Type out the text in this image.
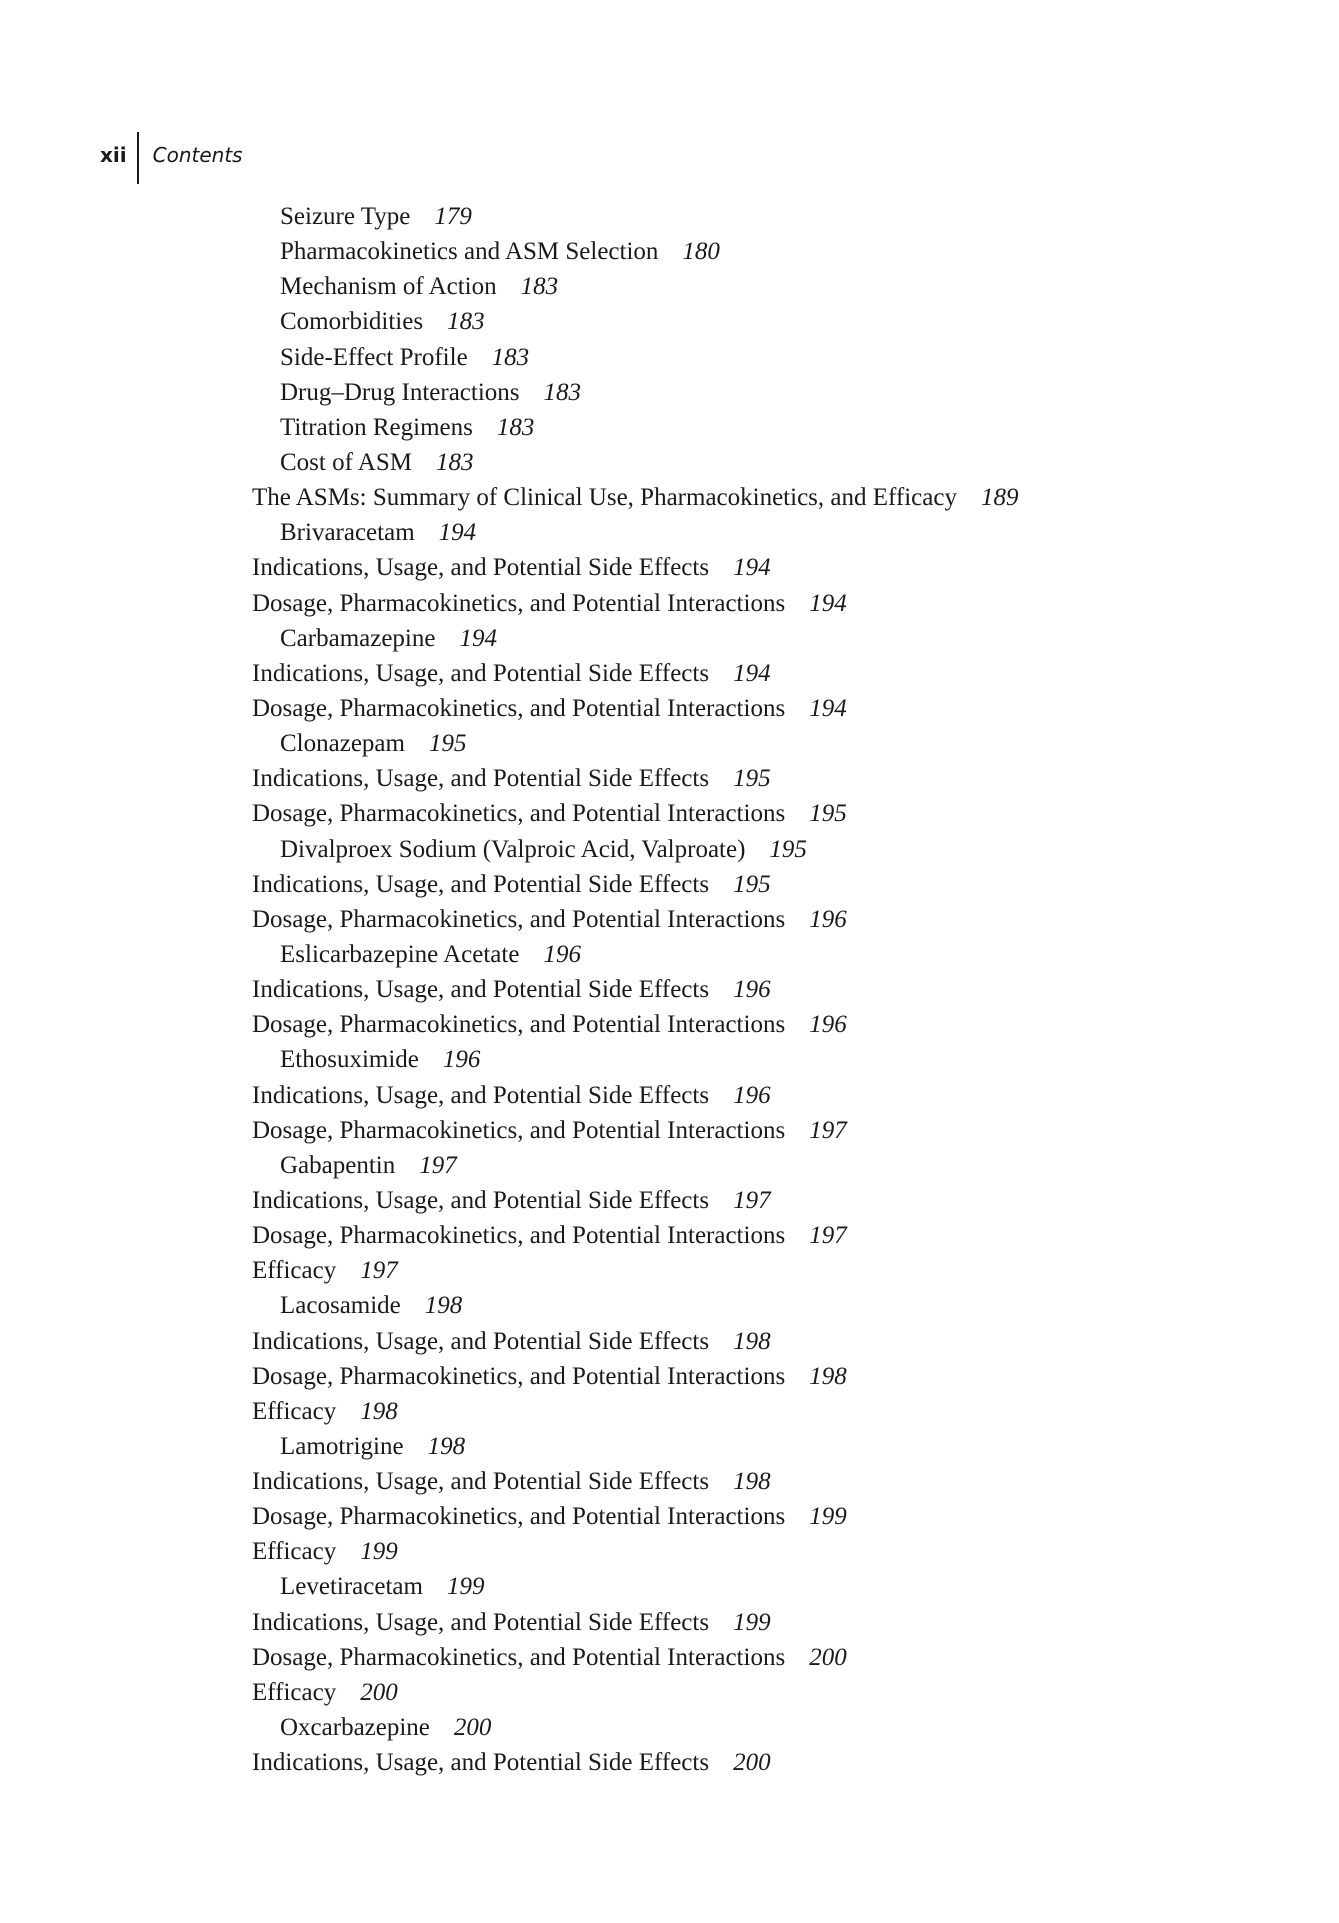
xii	Contents
Seizure Type 179
Pharmacokinetics and ASM Selection 180
Mechanism of Action 183
Comorbidities 183
Side-Effect Profile 183
Drug–Drug Interactions 183
Titration Regimens 183
Cost of ASM 183
The ASMs: Summary of Clinical Use, Pharmacokinetics, and Efficacy 189
Brivaracetam 194
Indications, Usage, and Potential Side Effects 194
Dosage, Pharmacokinetics, and Potential Interactions 194
Carbamazepine 194
Indications, Usage, and Potential Side Effects 194
Dosage, Pharmacokinetics, and Potential Interactions 194
Clonazepam 195
Indications, Usage, and Potential Side Effects 195
Dosage, Pharmacokinetics, and Potential Interactions 195
Divalproex Sodium (Valproic Acid, Valproate) 195
Indications, Usage, and Potential Side Effects 195
Dosage, Pharmacokinetics, and Potential Interactions 196
Eslicarbazepine Acetate 196
Indications, Usage, and Potential Side Effects 196
Dosage, Pharmacokinetics, and Potential Interactions 196
Ethosuximide 196
Indications, Usage, and Potential Side Effects 196
Dosage, Pharmacokinetics, and Potential Interactions 197
Gabapentin 197
Indications, Usage, and Potential Side Effects 197
Dosage, Pharmacokinetics, and Potential Interactions 197
Efficacy 197
Lacosamide 198
Indications, Usage, and Potential Side Effects 198
Dosage, Pharmacokinetics, and Potential Interactions 198
Efficacy 198
Lamotrigine 198
Indications, Usage, and Potential Side Effects 198
Dosage, Pharmacokinetics, and Potential Interactions 199
Efficacy 199
Levetiracetam 199
Indications, Usage, and Potential Side Effects 199
Dosage, Pharmacokinetics, and Potential Interactions 200
Efficacy 200
Oxcarbazepine 200
Indications, Usage, and Potential Side Effects 200
